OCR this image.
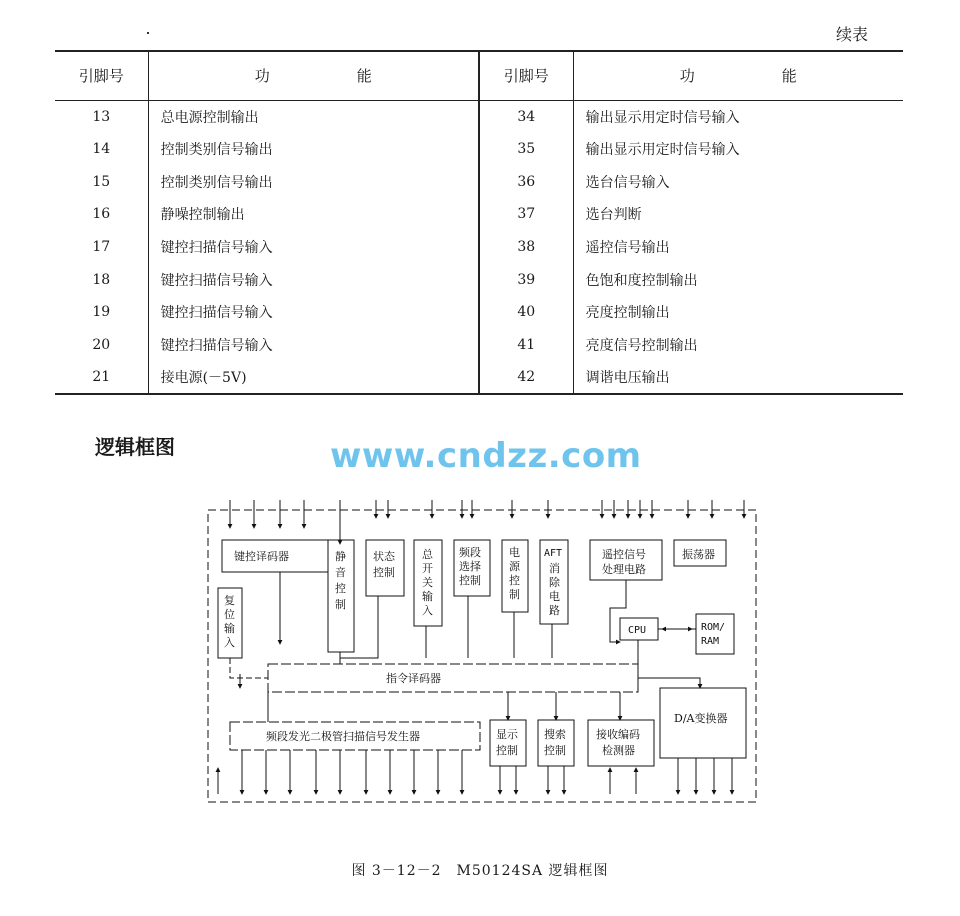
续表
引脚号	功　能	引脚号	功　能
13	总电源控制输出	34	输出显示用定时信号输入
14	控制类别信号输出	35	输出显示用定时信号输入
15	控制类别信号输出	36	选台信号输入
16	静噪控制输出	37	选台判断
17	键控扫描信号输入	38	遥控信号输出
18	键控扫描信号输入	39	色饱和度控制输出
19	键控扫描信号输入	40	亮度控制输出
20	键控扫描信号输入	41	亮度信号控制输出
21	接电源(－5V)	42	调谐电压输出
逻辑框图	www.cndzz.com
键控译码器	静
音
控
制
状态
控制
总
开
关
输
入
频段
选择
控制
电
源
控
制
AFT
消
除
电
路
遥控信号
处理电路
振荡器
复
位
输
入
CPU	ROM/
RAM
指令译码器
D/A变换器
频段发光二极管扫描信号发生器	显示
控制
搜索
控制
接收编码
检测器
图 3－12－2　M50124SA 逻辑框图
